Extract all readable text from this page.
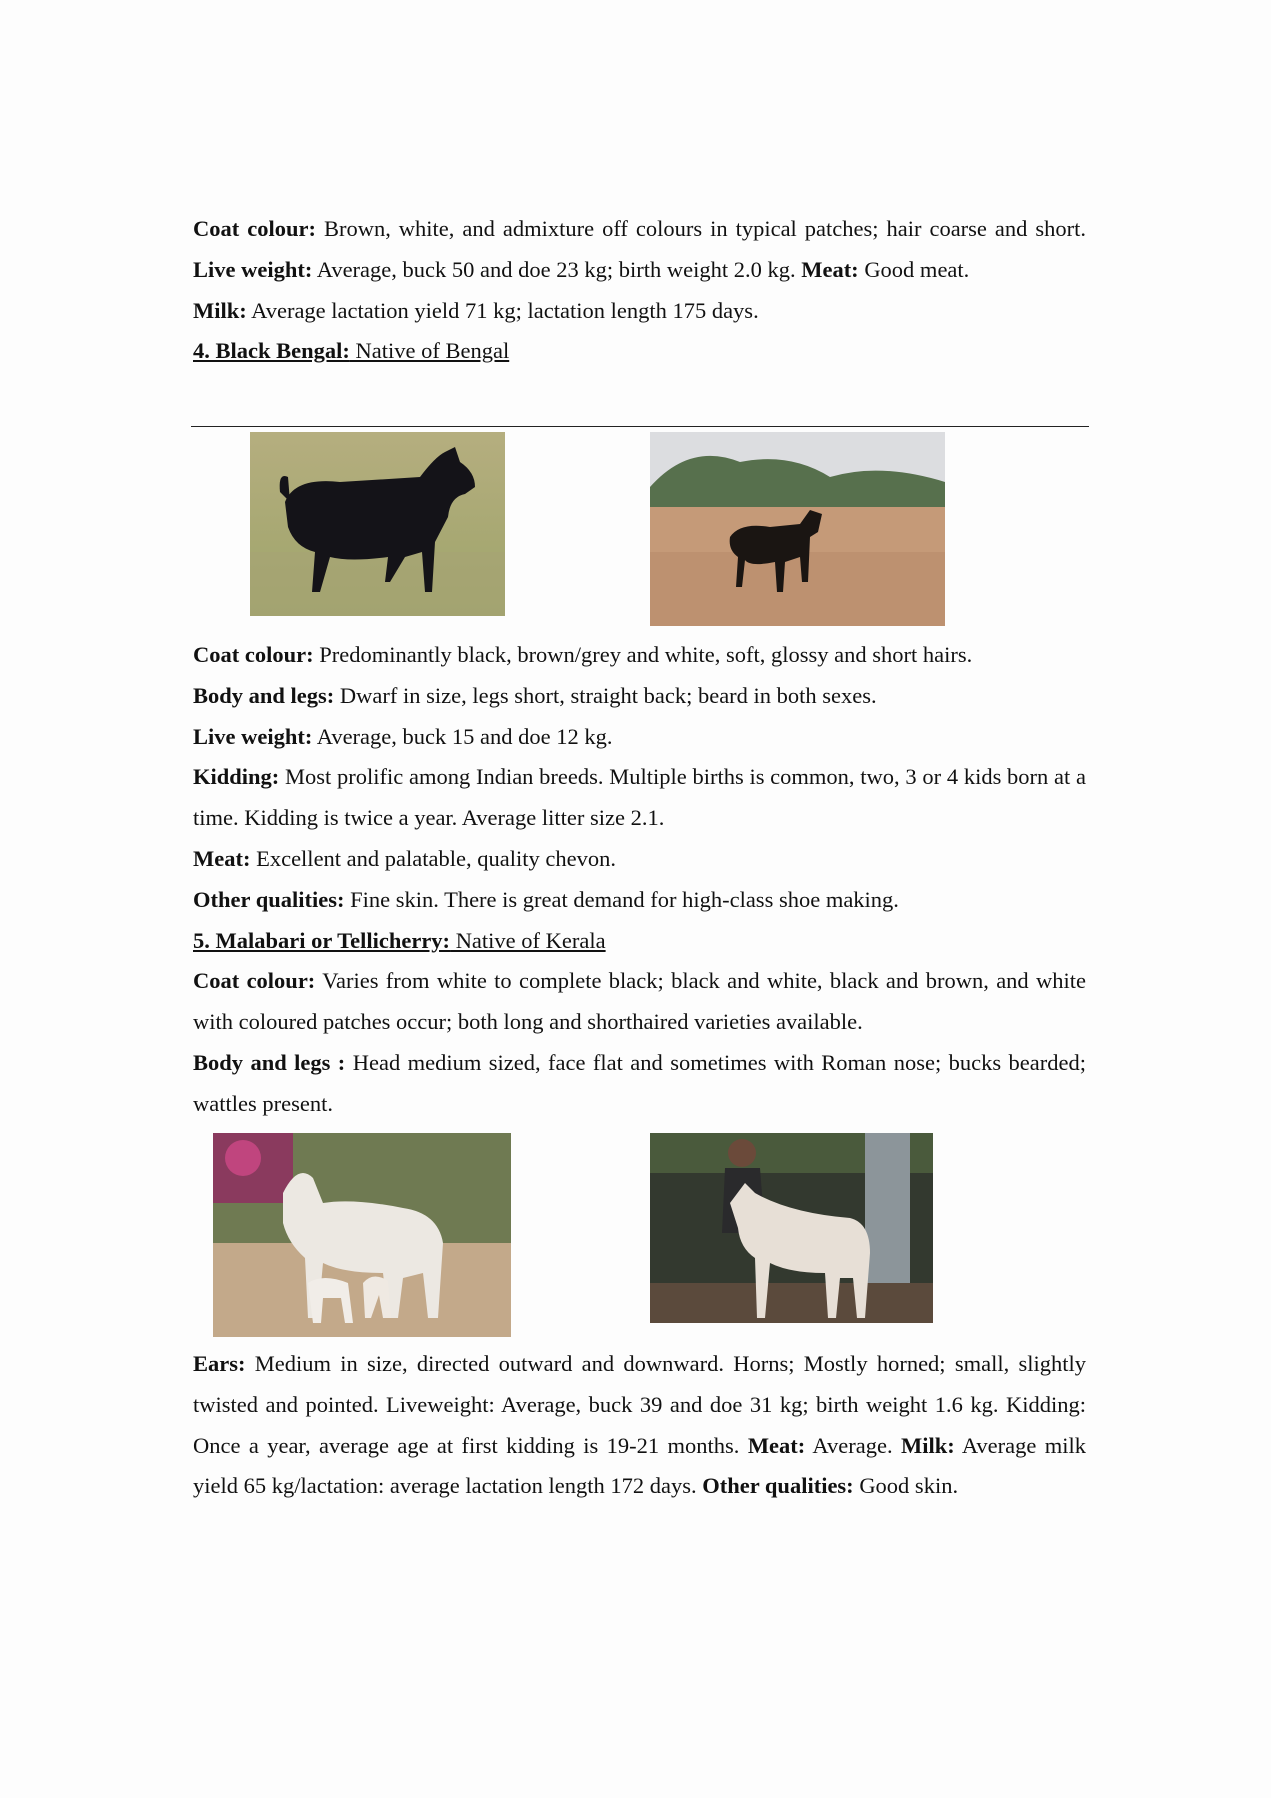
Coat colour: Brown, white, and admixture off colours in typical patches; hair coarse and short. Live weight: Average, buck 50 and doe 23 kg; birth weight 2.0 kg. Meat: Good meat.
Milk: Average lactation yield 71 kg; lactation length 175 days.
4. Black Bengal: Native of Bengal
Coat colour: Predominantly black, brown/grey and white, soft, glossy and short hairs.
Body and legs: Dwarf in size, legs short, straight back; beard in both sexes.
Live weight: Average, buck 15 and doe 12 kg.
Kidding: Most prolific among Indian breeds. Multiple births is common, two, 3 or 4 kids born at a time. Kidding is twice a year. Average litter size 2.1.
Meat: Excellent and palatable, quality chevon.
Other qualities: Fine skin. There is great demand for high-class shoe making.
5. Malabari or Tellicherry: Native of Kerala
Coat colour: Varies from white to complete black; black and white, black and brown, and white with coloured patches occur; both long and shorthaired varieties available.
Body and legs : Head medium sized, face flat and sometimes with Roman nose; bucks bearded; wattles present.
Ears: Medium in size, directed outward and downward. Horns; Mostly horned; small, slightly twisted and pointed. Liveweight: Average, buck 39 and doe 31 kg; birth weight 1.6 kg. Kidding: Once a year, average age at first kidding is 19-21 months. Meat: Average. Milk: Average milk yield 65 kg/lactation: average lactation length 172 days. Other qualities: Good skin.
